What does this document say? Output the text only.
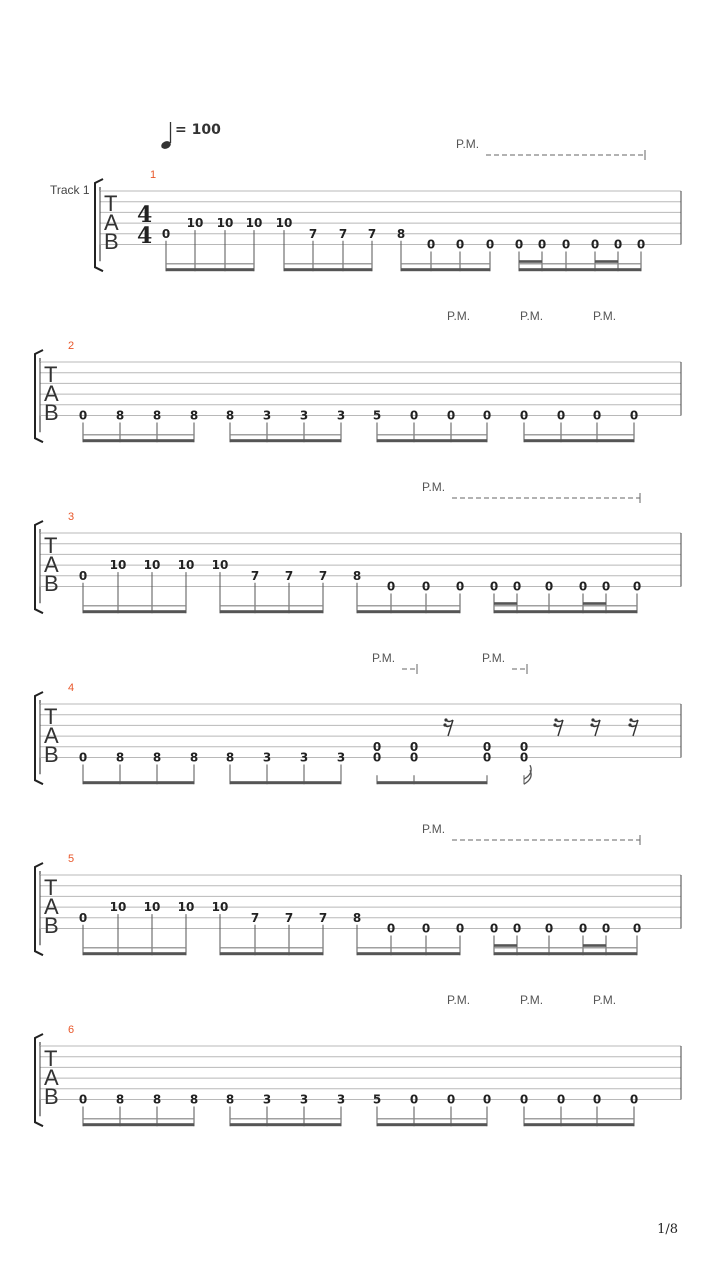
= 100
Track 1
T
A
B
4
4
1
P.M.
0
10 10 10 10
7 7 7 8
0 0 0 0 0 0 0 0 0
T
A
B
2
P.M.	P.M.	P.M.
0 8 8 8 8 3 3 3 5 0 0 0 0 0 0 0
T
A
B
3
P.M.
0
10 10 10 10
7 7 7 8
0 0 0 0 0 0 0 0 0
T
A
B
4
P.M.	P.M.
0 8 8 8 8 3 3 3
0
0
0
0
0
0
0
0
T
A
B
5
P.M.
0
10 10 10 10
7 7 7 8
0 0 0 0 0 0 0 0 0
T
A
B
6
P.M.	P.M.	P.M.
0 8 8 8 8 3 3 3 5 0 0 0 0 0 0 0
1/8
